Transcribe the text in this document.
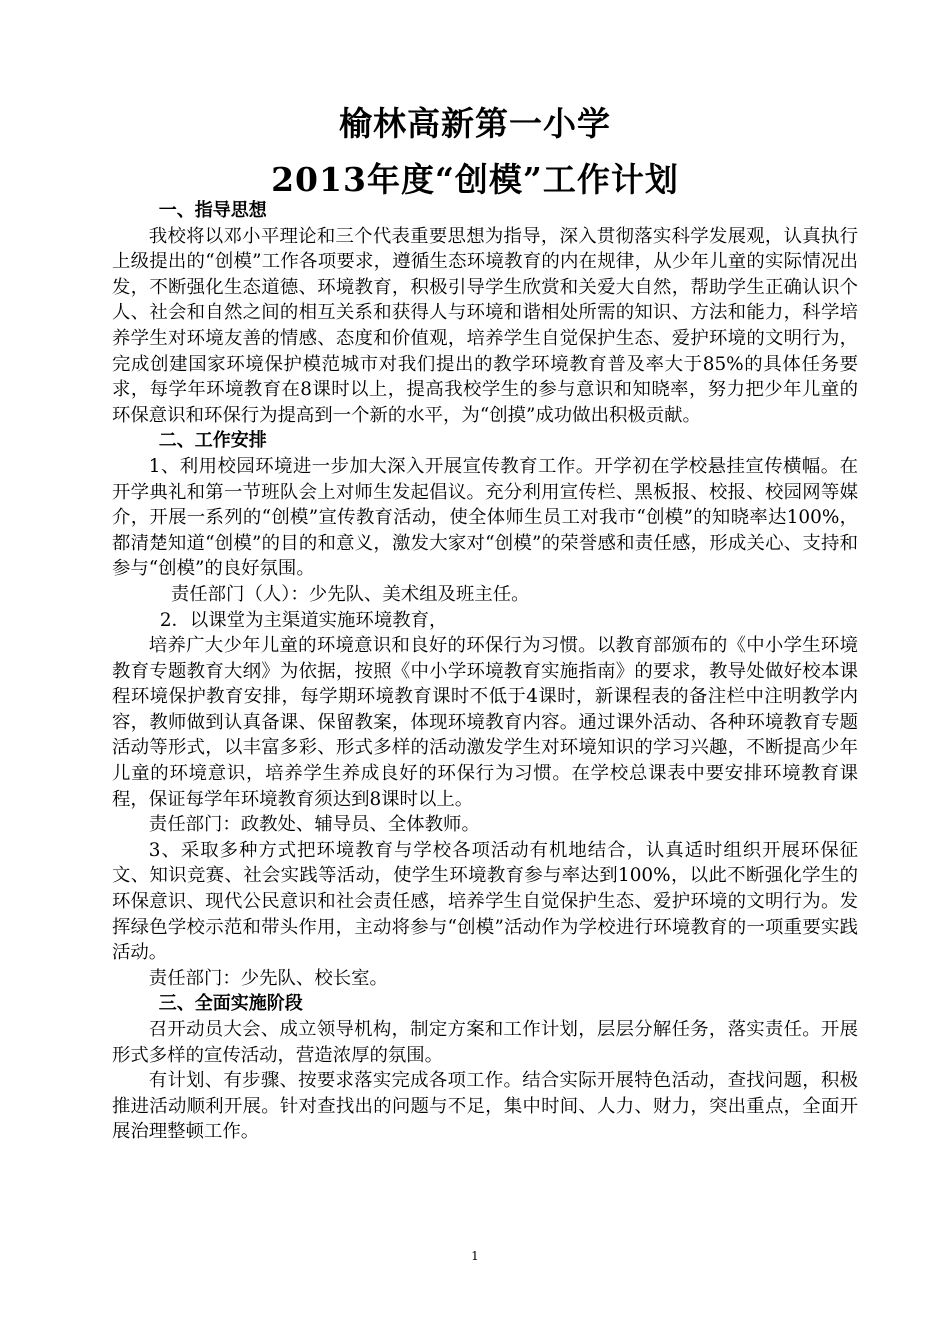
榆林高新第一小学
2013年度“创模”工作计划
一、指导思想

我校将以邓小平理论和三个代表重要思想为指导，深入贯彻落实科学发展观，认真执行上级提出的“创模”工作各项要求，遵循生态环境教育的内在规律，从少年儿童的实际情况出发，不断强化生态道德、环境教育，积极引导学生欣赏和关爱大自然，帮助学生正确认识个人、社会和自然之间的相互关系和获得人与环境和谐相处所需的知识、方法和能力，科学培养学生对环境友善的情感、态度和价值观，培养学生自觉保护生态、爱护环境的文明行为，完成创建国家环境保护模范城市对我们提出的教学环境教育普及率大于85%的具体任务要求，每学年环境教育在8课时以上，提高我校学生的参与意识和知晓率，努力把少年儿童的环保意识和环保行为提高到一个新的水平，为“创摸”成功做出积极贡献。

二、工作安排

1、利用校园环境进一步加大深入开展宣传教育工作。开学初在学校悬挂宣传横幅。在开学典礼和第一节班队会上对师生发起倡议。充分利用宣传栏、黑板报、校报、校园网等媒介，开展一系列的“创模”宣传教育活动，使全体师生员工对我市“创模”的知晓率达100%，都清楚知道“创模”的目的和意义，激发大家对“创模”的荣誉感和责任感，形成关心、支持和参与“创模”的良好氛围。

责任部门（人）：少先队、美术组及班主任。

2．以课堂为主渠道实施环境教育，

培养广大少年儿童的环境意识和良好的环保行为习惯。以教育部颁布的《中小学生环境教育专题教育大纲》为依据，按照《中小学环境教育实施指南》的要求，教导处做好校本课程环境保护教育安排，每学期环境教育课时不低于4课时，新课程表的备注栏中注明教学内容，教师做到认真备课、保留教案，体现环境教育内容。通过课外活动、各种环境教育专题活动等形式，以丰富多彩、形式多样的活动激发学生对环境知识的学习兴趣，不断提高少年儿童的环境意识，培养学生养成良好的环保行为习惯。在学校总课表中要安排环境教育课程，保证每学年环境教育须达到8课时以上。

责任部门：政教处、辅导员、全体教师。

3、采取多种方式把环境教育与学校各项活动有机地结合，认真适时组织开展环保征文、知识竞赛、社会实践等活动，使学生环境教育参与率达到100%，以此不断强化学生的环保意识、现代公民意识和社会责任感，培养学生自觉保护生态、爱护环境的文明行为。发挥绿色学校示范和带头作用，主动将参与“创模”活动作为学校进行环境教育的一项重要实践活动。

责任部门：少先队、校长室。

三、全面实施阶段

召开动员大会、成立领导机构，制定方案和工作计划，层层分解任务，落实责任。开展形式多样的宣传活动，营造浓厚的氛围。

有计划、有步骤、按要求落实完成各项工作。结合实际开展特色活动，查找问题，积极推进活动顺利开展。针对查找出的问题与不足，集中时间、人力、财力，突出重点，全面开展治理整顿工作。

1
